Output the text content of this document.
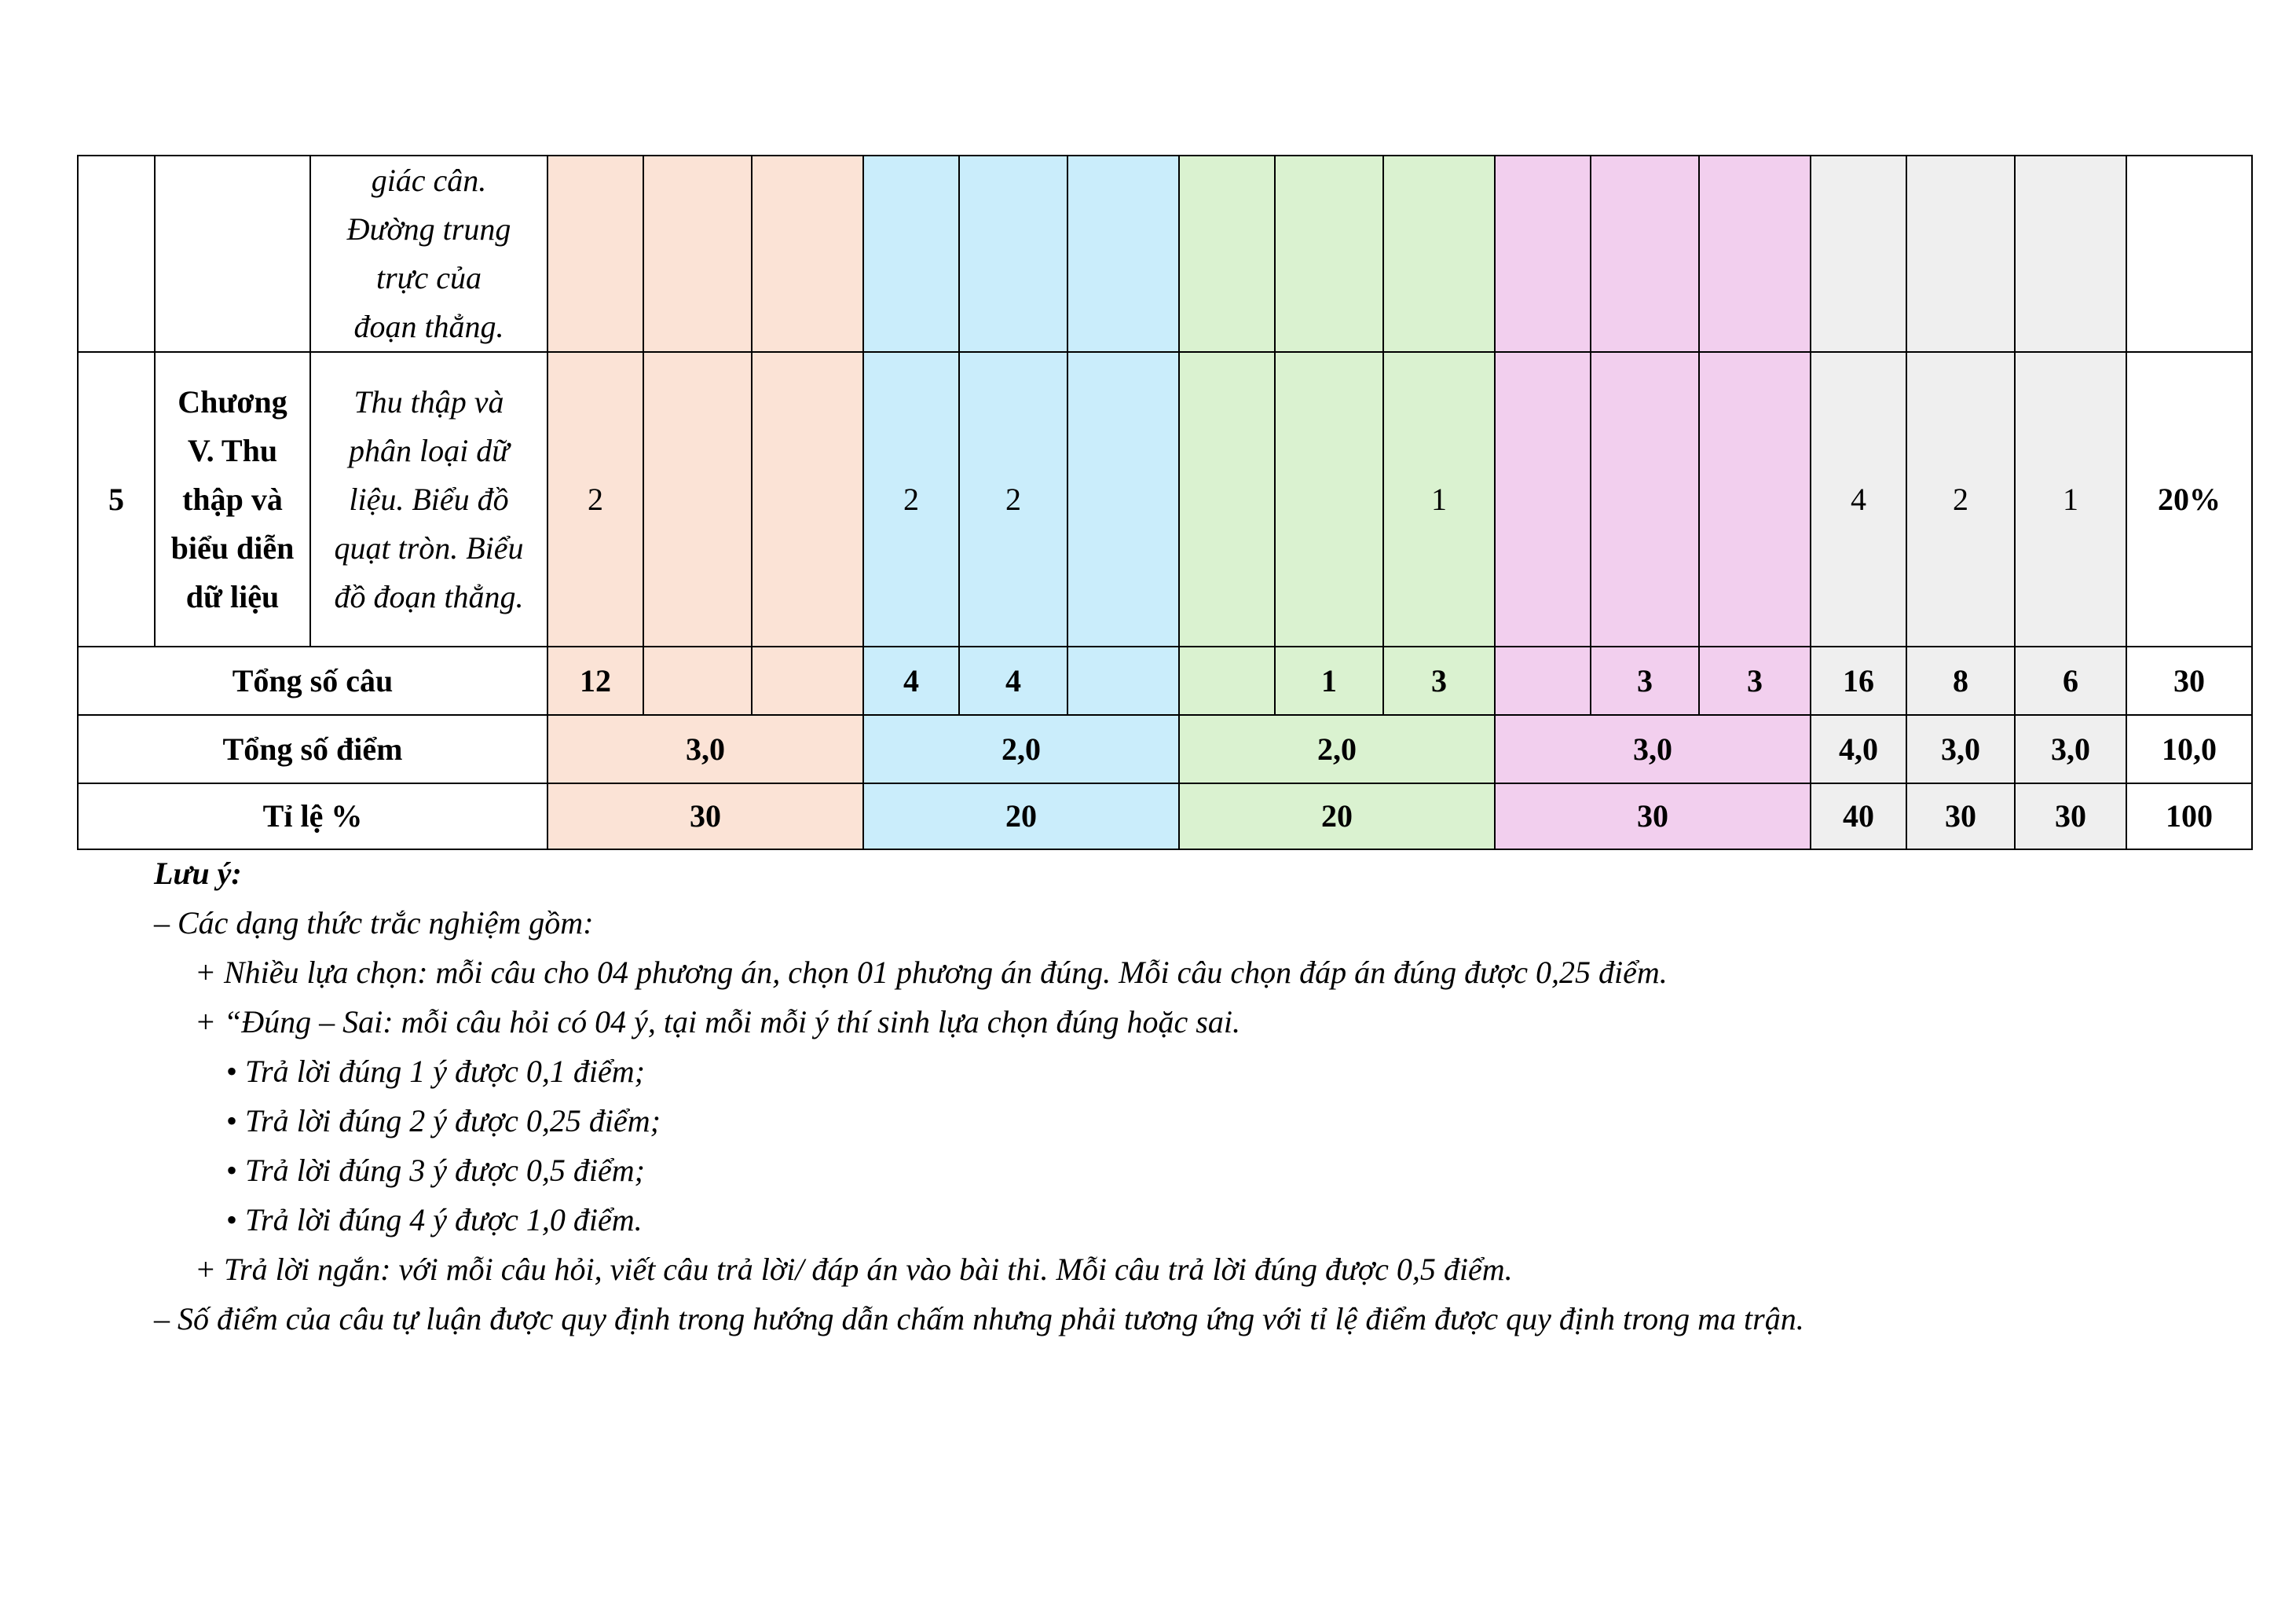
		giác cân. Đường trung trực của đoạn thẳng.																
5	Chương V. Thu thập và biểu diễn dữ liệu	Thu thập và phân loại dữ liệu. Biểu đồ quạt tròn. Biểu đồ đoạn thẳng.	2			2	2				1				4	2	1	20%
Tổng số câu			12			4	4			1	3		3	3	16	8	6	30
Tổng số điểm			3,0			2,0			2,0			3,0			4,0	3,0	3,0	10,0
Tỉ lệ %			30			20			20			30			40	30	30	100
Lưu ý:
– Các dạng thức trắc nghiệm gồm:
+ Nhiều lựa chọn: mỗi câu cho 04 phương án, chọn 01 phương án đúng. Mỗi câu chọn đáp án đúng được 0,25 điểm.
+ “Đúng – Sai: mỗi câu hỏi có 04 ý, tại mỗi mỗi ý thí sinh lựa chọn đúng hoặc sai.
• Trả lời đúng 1 ý được 0,1 điểm;
• Trả lời đúng 2 ý được 0,25 điểm;
• Trả lời đúng 3 ý được 0,5 điểm;
• Trả lời đúng 4 ý được 1,0 điểm.
+ Trả lời ngắn: với mỗi câu hỏi, viết câu trả lời/ đáp án vào bài thi. Mỗi câu trả lời đúng được 0,5 điểm.
– Số điểm của câu tự luận được quy định trong hướng dẫn chấm nhưng phải tương ứng với tỉ lệ điểm được quy định trong ma trận.
